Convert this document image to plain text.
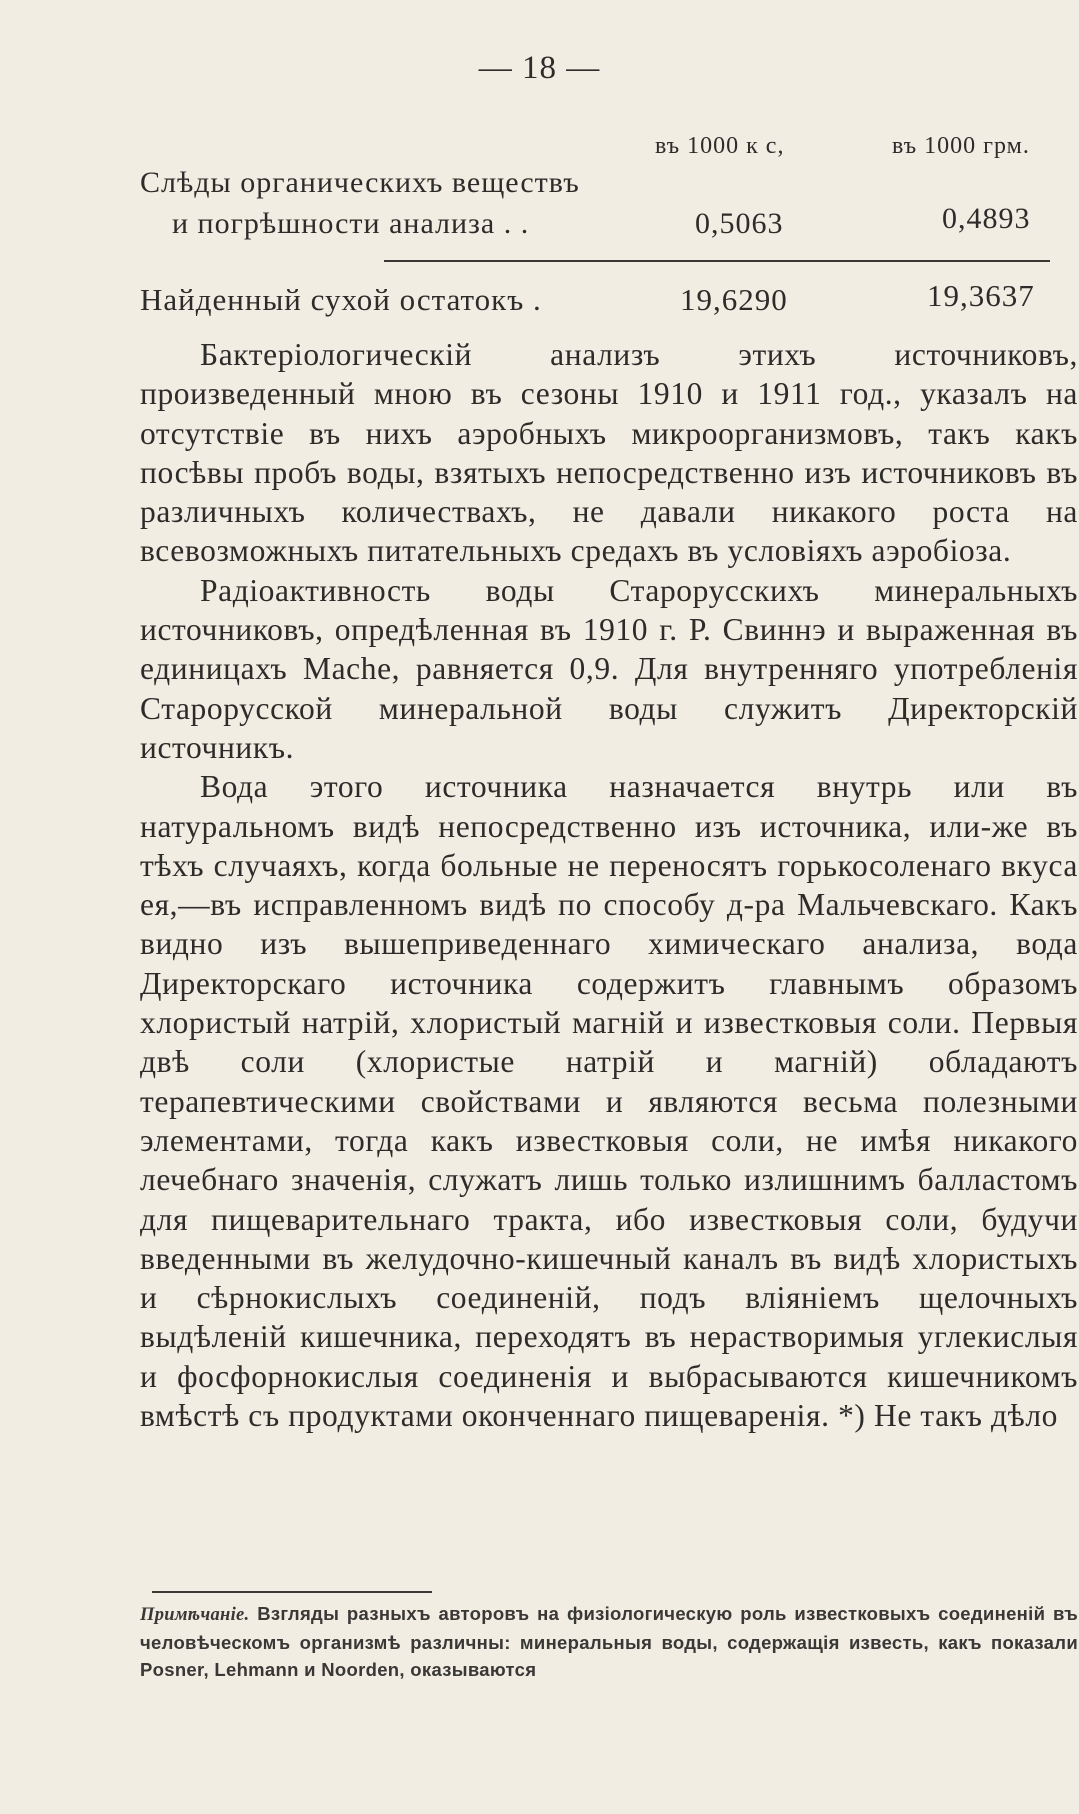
— 18 —
въ 1000 к с,	въ 1000 грм.
Слѣды органическихъ веществъ
и погрѣшности анализа . .	0,5063	0,4893
Найденный сухой остатокъ .	19,6290	19,3637

Бактеріологическій анализъ этихъ источниковъ, произведенный мною въ сезоны 1910 и 1911 год., указалъ на отсутствіе въ нихъ аэробныхъ микроорганизмовъ, такъ какъ посѣвы пробъ воды, взятыхъ непосредственно изъ источниковъ въ различныхъ количествахъ, не давали никакого роста на всевозможныхъ питательныхъ средахъ въ условіяхъ аэробіоза.

Радіоактивность воды Старорусскихъ минеральныхъ источниковъ, опредѣленная въ 1910 г. Р. Свиннэ и выраженная въ единицахъ Mache, равняется 0,9. Для внутренняго употребленія Старорусской минеральной воды служитъ Директорскій источникъ.

Вода этого источника назначается внутрь или въ натуральномъ видѣ непосредственно изъ источника, или-же въ тѣхъ случаяхъ, когда больные не переносятъ горькосоленаго вкуса ея,—въ исправленномъ видѣ по способу д-ра Мальчевскаго. Какъ видно изъ вышеприведеннаго химическаго анализа, вода Директорскаго источника содержитъ главнымъ образомъ хлористый натрій, хлористый магній и известковыя соли. Первыя двѣ соли (хлористые натрій и магній) обладаютъ терапевтическими свойствами и являются весьма полезными элементами, тогда какъ известковыя соли, не имѣя никакого лечебнаго значенія, служатъ лишь только излишнимъ балластомъ для пищеварительнаго тракта, ибо известковыя соли, будучи введенными въ желудочно-кишечный каналъ въ видѣ хлористыхъ и сѣрнокислыхъ соединеній, подъ вліяніемъ щелочныхъ выдѣленій кишечника, переходятъ въ нерастворимыя углекислыя и фосфорнокислыя соединенія и выбрасываются кишечникомъ вмѣстѣ съ продуктами оконченнаго пищеваренія. *) Не такъ дѣло

Примѣчаніе. Взгляды разныхъ авторовъ на физіологическую роль известковыхъ соединеній въ человѣческомъ организмѣ различны: минеральныя воды, содержащія известь, какъ показали Posner, Lehmann и Noorden, оказываются
